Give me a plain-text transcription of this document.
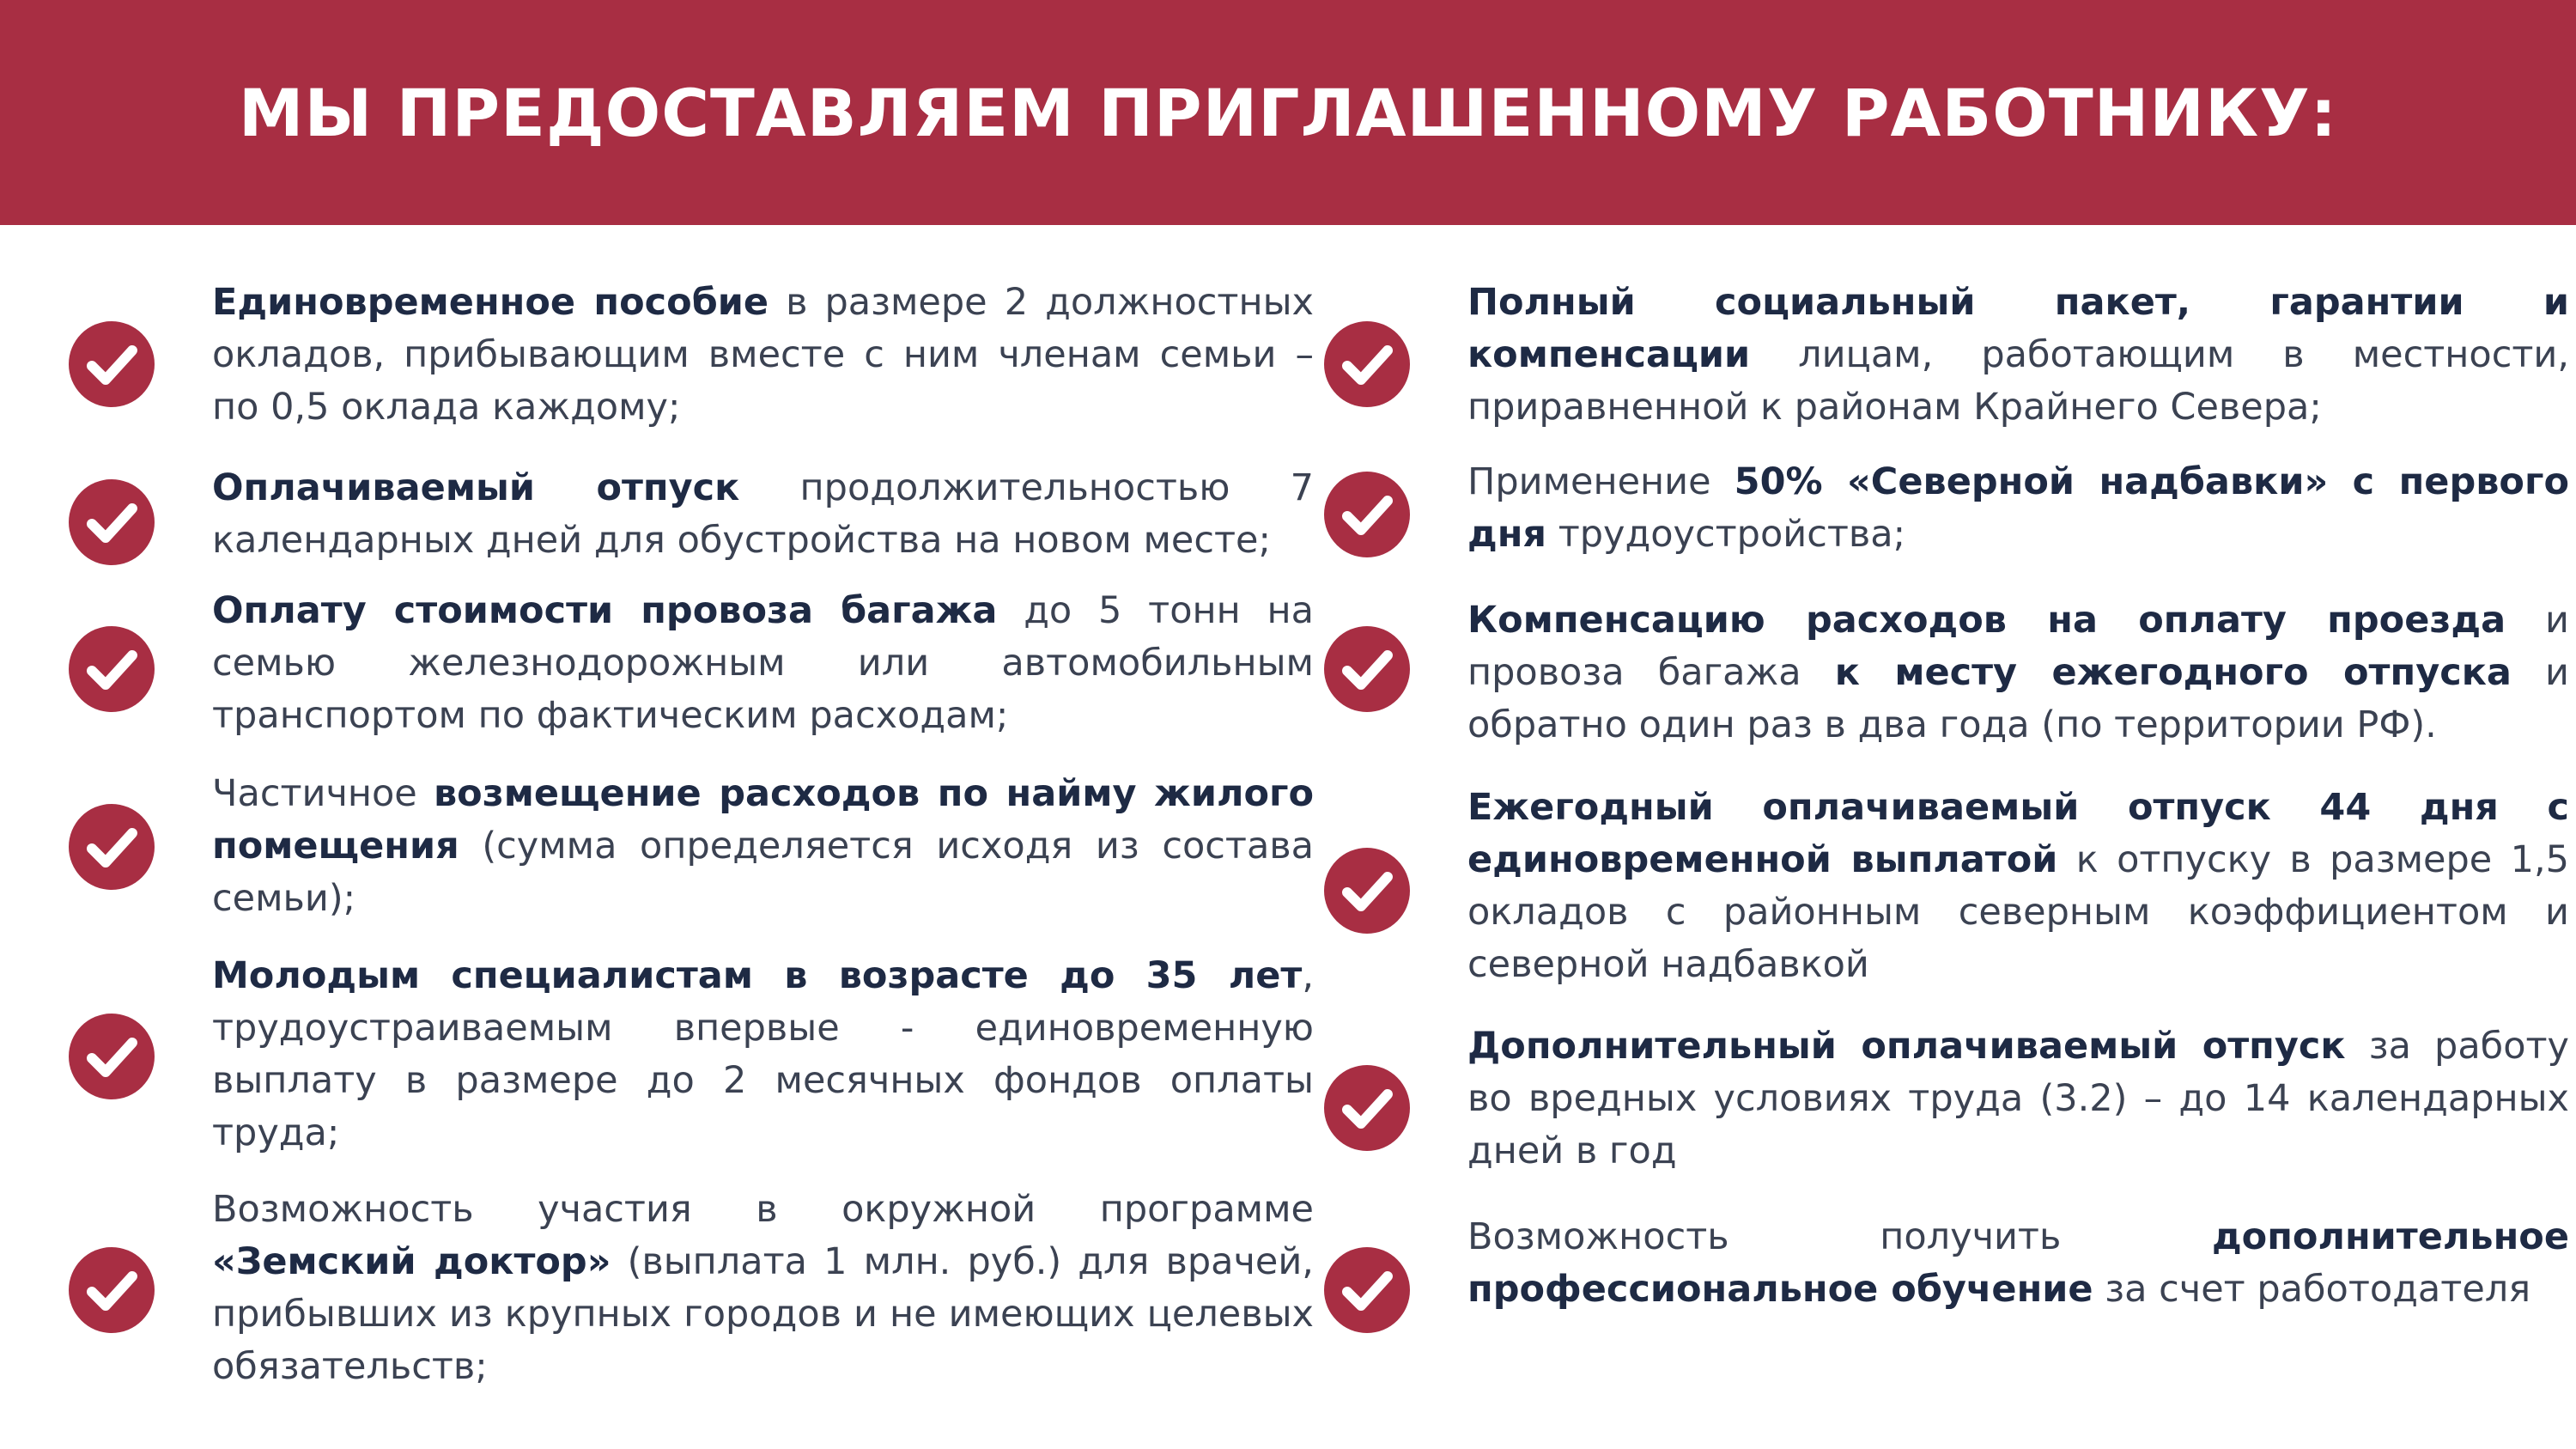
МЫ ПРЕДОСТАВЛЯЕМ ПРИГЛАШЕННОМУ РАБОТНИКУ:

Единовременное пособие в размере 2 должностных окладов, прибывающим вместе с ним членам семьи – по 0,5 оклада каждому;

Оплачиваемый отпуск продолжительностью 7 календарных дней для обустройства на новом месте;

Оплату стоимости провоза багажа до 5 тонн на семью железнодорожным или автомобильным транспортом по фактическим расходам;

Частичное возмещение расходов по найму жилого помещения (сумма определяется исходя из состава семьи);

Молодым специалистам в возрасте до 35 лет, трудоустраиваемым впервые - единовременную выплату в размере до 2 месячных фондов оплаты труда;

Возможность участия в окружной программе «Земский доктор» (выплата 1 млн. руб.) для врачей, прибывших из крупных городов и не имеющих целевых обязательств;

Полный социальный пакет, гарантии и компенсации лицам, работающим в местности, приравненной к районам Крайнего Севера;

Применение 50% «Северной надбавки» с первого дня трудоустройства;

Компенсацию расходов на оплату проезда и провоза багажа к месту ежегодного отпуска и обратно один раз в два года (по территории РФ).

Ежегодный оплачиваемый отпуск 44 дня с единовременной выплатой к отпуску в размере 1,5 окладов с районным северным коэффициентом и северной надбавкой

Дополнительный оплачиваемый отпуск за работу во вредных условиях труда (3.2) – до 14 календарных дней в год

Возможность получить дополнительное профессиональное обучение за счет работодателя
